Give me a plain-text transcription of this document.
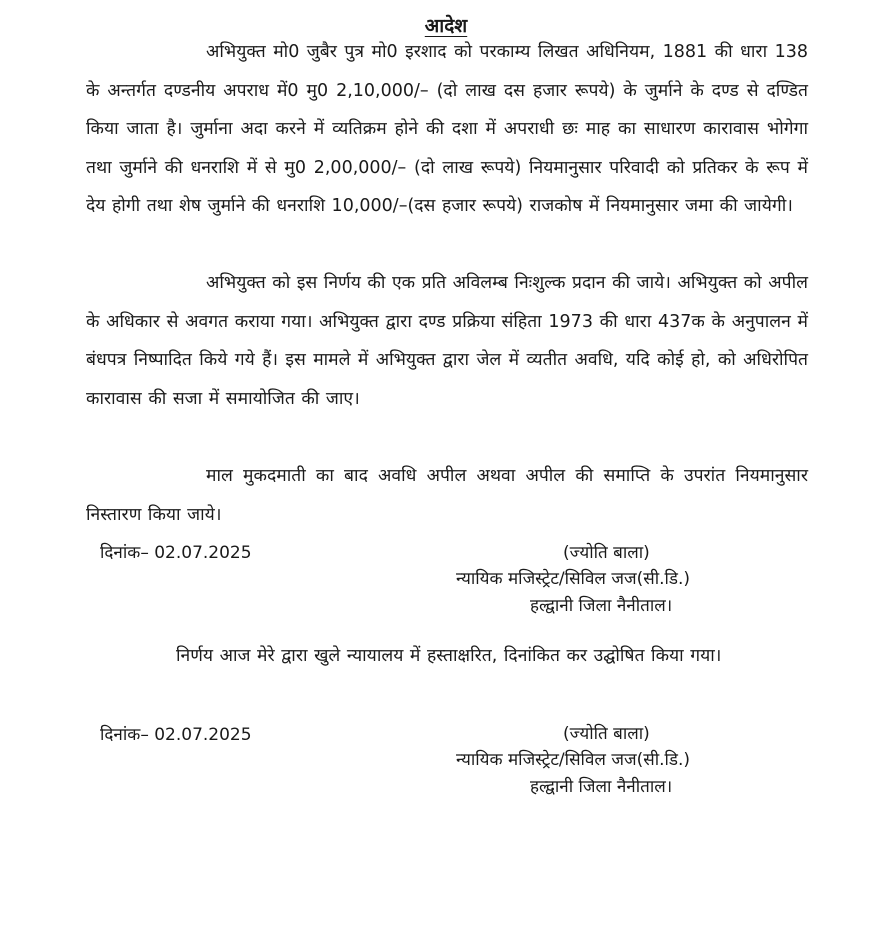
आदेश
अभियुक्त मो0 जुबैर पुत्र मो0 इरशाद को परकाम्य लिखत अधिनियम, 1881 की धारा 138 के अन्तर्गत दण्डनीय अपराध में0 मु0 2,10,000/– (दो लाख दस हजार रूपये) के जुर्माने के दण्ड से दण्डित किया जाता है। जुर्माना अदा करने में व्यतिक्रम होने की दशा में अपराधी छः माह का साधारण कारावास भोगेगा तथा जुर्माने की धनराशि में से मु0 2,00,000/– (दो लाख रूपये) नियमानुसार परिवादी को प्रतिकर के रूप में देय होगी तथा शेष जुर्माने की धनराशि 10,000/–(दस हजार रूपये) राजकोष में नियमानुसार जमा की जायेगी।
अभियुक्त को इस निर्णय की एक प्रति अविलम्ब निःशुल्क प्रदान की जाये। अभियुक्त को अपील के अधिकार से अवगत कराया गया। अभियुक्त द्वारा दण्ड प्रक्रिया संहिता 1973 की धारा 437क के अनुपालन में बंधपत्र निष्पादित किये गये हैं। इस मामले में अभियुक्त द्वारा जेल में व्यतीत अवधि, यदि कोई हो, को अधिरोपित कारावास की सजा में समायोजित की जाए।
माल मुकदमाती का बाद अवधि अपील अथवा अपील की समाप्ति के उपरांत नियमानुसार निस्तारण किया जाये।
दिनांक– 02.07.2025	(ज्योति बाला)
न्यायिक मजिस्ट्रेट/सिविल जज(सी.डि.)
हल्द्वानी जिला नैनीताल।
निर्णय आज मेरे द्वारा खुले न्यायालय में हस्ताक्षरित, दिनांकित कर उद्घोषित किया गया।
दिनांक– 02.07.2025	(ज्योति बाला)
न्यायिक मजिस्ट्रेट/सिविल जज(सी.डि.)
हल्द्वानी जिला नैनीताल।
